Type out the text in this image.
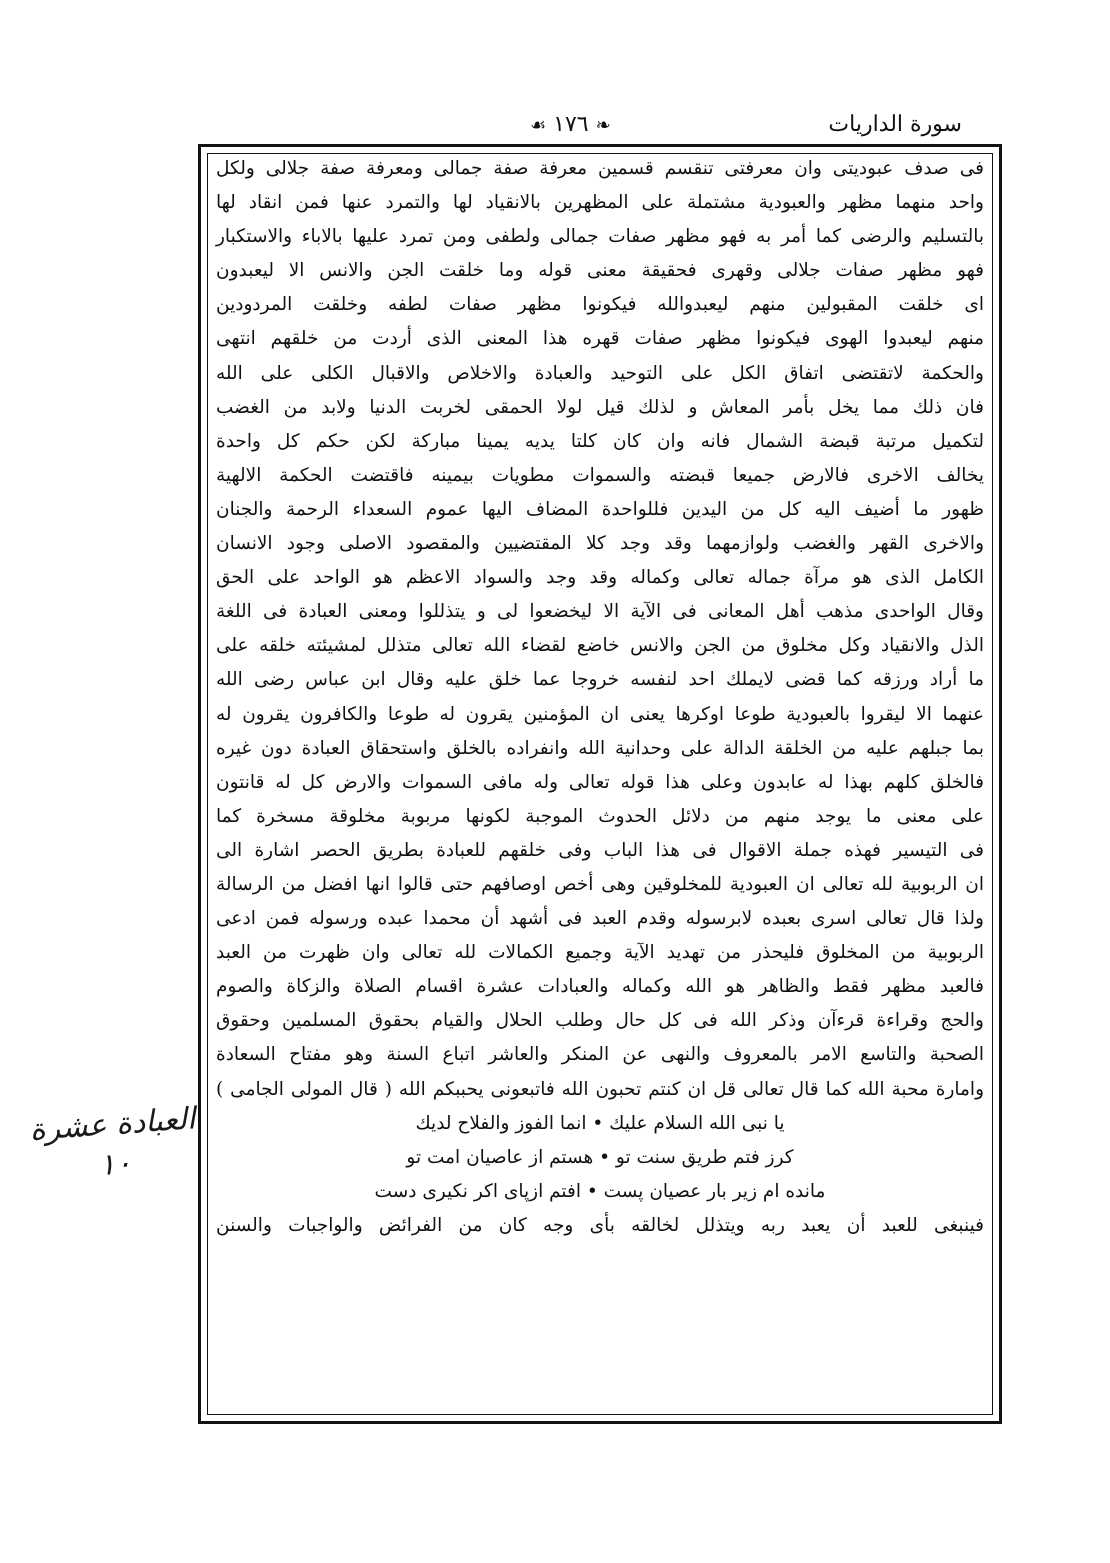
سورة الداريات
❧ ١٧٦ ☙
فى صدف عبوديتى وان معرفتى تنقسم قسمين معرفة صفة جمالى ومعرفة صفة جلالى ولكل
واحد منهما مظهر والعبودية مشتملة على المظهرين بالانقياد لها والتمرد عنها فمن انقاد لها
بالتسليم والرضى كما أمر به فهو مظهر صفات جمالى ولطفى ومن تمرد عليها بالاباء والاستكبار
فهو مظهر صفات جلالى وقهرى فحقيقة معنى قوله وما خلقت الجن والانس الا ليعبدون
اى خلقت المقبولين منهم ليعبدوالله فيكونوا مظهر صفات لطفه وخلقت المردودين
منهم ليعبدوا الهوى فيكونوا مظهر صفات قهره هذا المعنى الذى أردت من خلقهم انتهى
والحكمة لاتقتضى اتفاق الكل على التوحيد والعبادة والاخلاص والاقبال الكلى على الله
فان ذلك مما يخل بأمر المعاش و لذلك قيل لولا الحمقى لخربت الدنيا ولابد من الغضب
لتكميل مرتبة قبضة الشمال فانه وان كان كلتا يديه يمينا مباركة لكن حكم كل واحدة
يخالف الاخرى فالارض جميعا قبضته والسموات مطويات بيمينه فاقتضت الحكمة الالهية
ظهور ما أضيف اليه كل من اليدين فللواحدة المضاف اليها عموم السعداء الرحمة والجنان
والاخرى القهر والغضب ولوازمهما وقد وجد كلا المقتضيين والمقصود الاصلى وجود الانسان
الكامل الذى هو مرآة جماله تعالى وكماله وقد وجد والسواد الاعظم هو الواحد على الحق
وقال الواحدى مذهب أهل المعانى فى الآية الا ليخضعوا لى و يتذللوا ومعنى العبادة فى اللغة
الذل والانقياد وكل مخلوق من الجن والانس خاضع لقضاء الله تعالى متذلل لمشيئته خلقه على
ما أراد ورزقه كما قضى لايملك احد لنفسه خروجا عما خلق عليه وقال ابن عباس رضى الله
عنهما الا ليقروا بالعبودية طوعا اوكرها يعنى ان المؤمنين يقرون له طوعا والكافرون يقرون له
بما جبلهم عليه من الخلقة الدالة على وحدانية الله وانفراده بالخلق واستحقاق العبادة دون غيره
فالخلق كلهم بهذا له عابدون وعلى هذا قوله تعالى وله مافى السموات والارض كل له قانتون
على معنى ما يوجد منهم من دلائل الحدوث الموجبة لكونها مربوبة مخلوقة مسخرة كما
فى التيسير فهذه جملة الاقوال فى هذا الباب وفى خلقهم للعبادة بطريق الحصر اشارة الى
ان الربوبية لله تعالى ان العبودية للمخلوقين وهى أخص اوصافهم حتى قالوا انها افضل من الرسالة
ولذا قال تعالى اسرى بعبده لابرسوله وقدم العبد فى أشهد أن محمدا عبده ورسوله فمن ادعى
الربوبية من المخلوق فليحذر من تهديد الآية وجميع الكمالات لله تعالى وان ظهرت من العبد
فالعبد مظهر فقط والظاهر هو الله وكماله والعبادات عشرة اقسام الصلاة والزكاة والصوم
والحج وقراءة قرءآن وذكر الله فى كل حال وطلب الحلال والقيام بحقوق المسلمين وحقوق
الصحبة والتاسع الامر بالمعروف والنهى عن المنكر والعاشر اتباع السنة وهو مفتاح السعادة
وامارة محبة الله كما قال تعالى قل ان كنتم تحبون الله فاتبعونى يحببكم الله ( قال المولى الجامى )
يا نبى الله السلام عليك • انما الفوز والفلاح لديك
كرز فتم طريق سنت تو • هستم از عاصيان امت تو
مانده ام زير بار عصيان پست • افتم ازپاى اكر نكيرى دست
فينبغى للعبد أن يعبد ربه ويتذلل لخالقه بأى وجه كان من الفرائض والواجبات والسنن
العبادة عشرة
١٠
